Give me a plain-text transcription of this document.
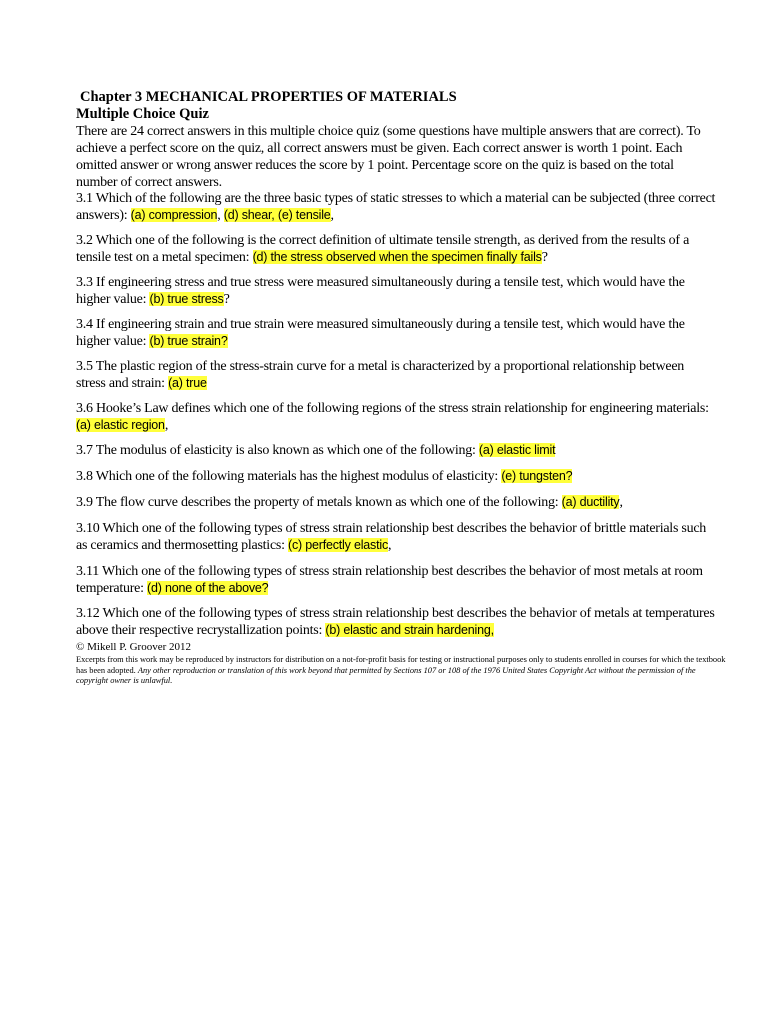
Chapter 3 MECHANICAL PROPERTIES OF MATERIALS
Multiple Choice Quiz
There are 24 correct answers in this multiple choice quiz (some questions have multiple answers that are correct). To achieve a perfect score on the quiz, all correct answers must be given. Each correct answer is worth 1 point. Each omitted answer or wrong answer reduces the score by 1 point. Percentage score on the quiz is based on the total number of correct answers.
3.1 Which of the following are the three basic types of static stresses to which a material can be subjected (three correct answers): (a) compression, (d) shear, (e) tensile,
3.2 Which one of the following is the correct definition of ultimate tensile strength, as derived from the results of a tensile test on a metal specimen: (d) the stress observed when the specimen finally fails?
3.3 If engineering stress and true stress were measured simultaneously during a tensile test, which would have the higher value: (b) true stress?
3.4 If engineering strain and true strain were measured simultaneously during a tensile test, which would have the higher value: (b) true strain?
3.5 The plastic region of the stress-strain curve for a metal is characterized by a proportional relationship between stress and strain: (a) true
3.6 Hooke’s Law defines which one of the following regions of the stress strain relationship for engineering materials: (a) elastic region,
3.7 The modulus of elasticity is also known as which one of the following: (a) elastic limit
3.8 Which one of the following materials has the highest modulus of elasticity: (e) tungsten?
3.9 The flow curve describes the property of metals known as which one of the following: (a) ductility,
3.10 Which one of the following types of stress strain relationship best describes the behavior of brittle materials such as ceramics and thermosetting plastics: (c) perfectly elastic,
3.11 Which one of the following types of stress strain relationship best describes the behavior of most metals at room temperature: (d) none of the above?
3.12 Which one of the following types of stress strain relationship best describes the behavior of metals at temperatures above their respective recrystallization points: (b) elastic and strain hardening,
© Mikell P. Groover 2012
Excerpts from this work may be reproduced by instructors for distribution on a not-for-profit basis for testing or instructional purposes only to students enrolled in courses for which the textbook has been adopted. Any other reproduction or translation of this work beyond that permitted by Sections 107 or 108 of the 1976 United States Copyright Act without the permission of the copyright owner is unlawful.
